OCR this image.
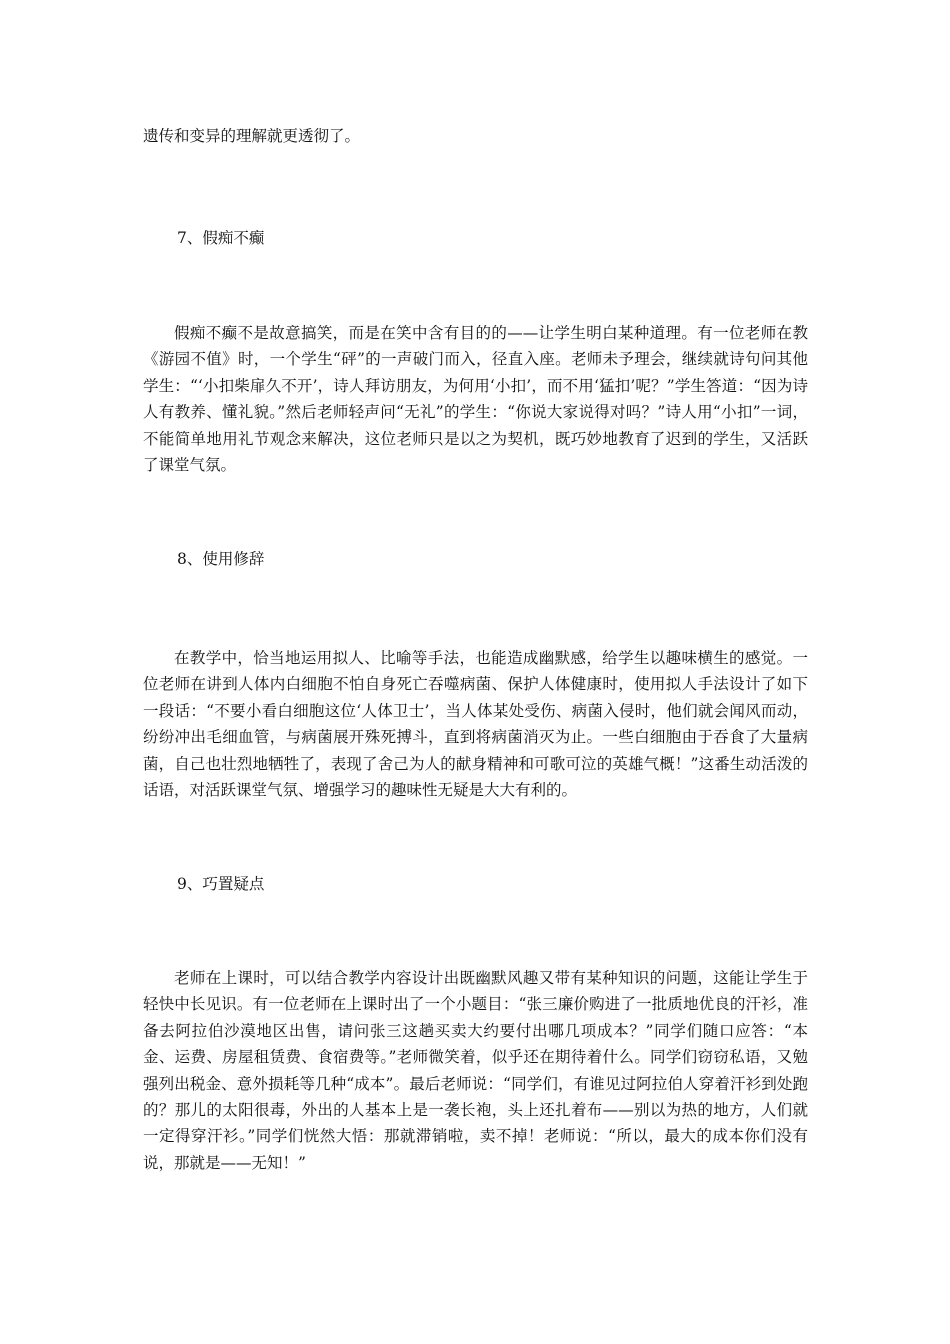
遗传和变异的理解就更透彻了。

7、假痴不癫

假痴不癫不是故意搞笑，而是在笑中含有目的的——让学生明白某种道理。有一位老师在教《游园不值》时，一个学生“砰”的一声破门而入，径直入座。老师未予理会，继续就诗句问其他学生：“‘小扣柴扉久不开’，诗人拜访朋友，为何用‘小扣’，而不用‘猛扣’呢？”学生答道：“因为诗人有教养、懂礼貌。”然后老师轻声问“无礼”的学生：“你说大家说得对吗？”诗人用“小扣”一词，不能简单地用礼节观念来解决，这位老师只是以之为契机，既巧妙地教育了迟到的学生，又活跃了课堂气氛。

8、使用修辞

在教学中，恰当地运用拟人、比喻等手法，也能造成幽默感，给学生以趣味横生的感觉。一位老师在讲到人体内白细胞不怕自身死亡吞噬病菌、保护人体健康时，使用拟人手法设计了如下一段话：“不要小看白细胞这位‘人体卫士’，当人体某处受伤、病菌入侵时，他们就会闻风而动，纷纷冲出毛细血管，与病菌展开殊死搏斗，直到将病菌消灭为止。一些白细胞由于吞食了大量病菌，自己也壮烈地牺牲了，表现了舍己为人的献身精神和可歌可泣的英雄气概！”这番生动活泼的话语，对活跃课堂气氛、增强学习的趣味性无疑是大大有利的。

9、巧置疑点

老师在上课时，可以结合教学内容设计出既幽默风趣又带有某种知识的问题，这能让学生于轻快中长见识。有一位老师在上课时出了一个小题目：“张三廉价购进了一批质地优良的汗衫，准备去阿拉伯沙漠地区出售，请问张三这趟买卖大约要付出哪几项成本？”同学们随口应答：“本金、运费、房屋租赁费、食宿费等。”老师微笑着，似乎还在期待着什么。同学们窃窃私语，又勉强列出税金、意外损耗等几种“成本”。最后老师说：“同学们，有谁见过阿拉伯人穿着汗衫到处跑的？那儿的太阳很毒，外出的人基本上是一袭长袍，头上还扎着布——别以为热的地方，人们就一定得穿汗衫。”同学们恍然大悟：那就滞销啦，卖不掉！老师说：“所以，最大的成本你们没有说，那就是——无知！”
